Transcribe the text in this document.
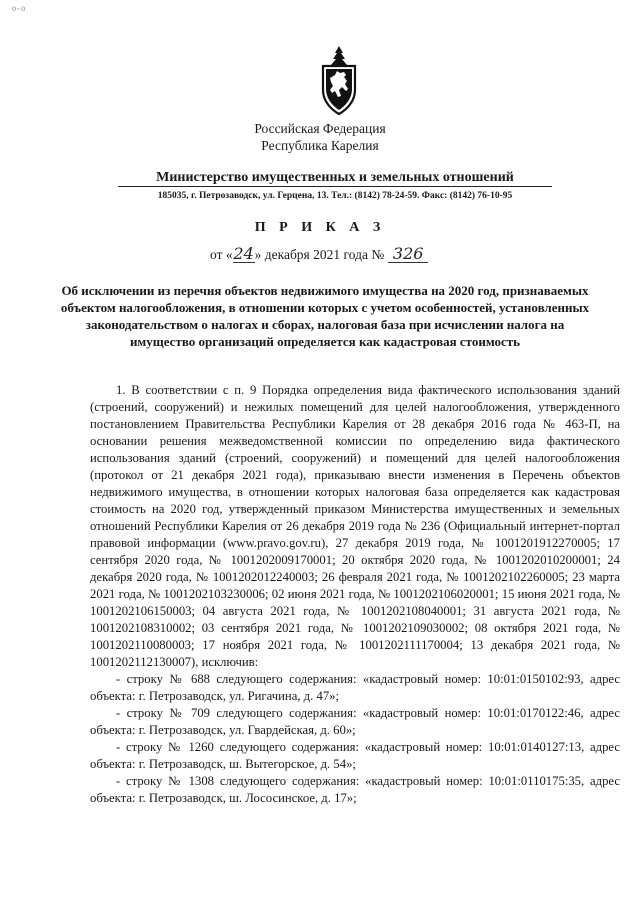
⁰⁻⁰
Российская Федерация
Республика Карелия
Министерство имущественных и земельных отношений
185035, г. Петрозаводск, ул. Герцена, 13. Тел.: (8142) 78-24-59. Факс: (8142) 76-10-95
П Р И К А З
от «24» декабря 2021 года № 326
Об исключении из перечня объектов недвижимого имущества на 2020 год, признаваемых объектом налогообложения, в отношении которых с учетом особенностей, установленных законодательством о налогах и сборах, налоговая база при исчислении налога на имущество организаций определяется как кадастровая стоимость

1. В соответствии с п. 9 Порядка определения вида фактического использования зданий (строений, сооружений) и нежилых помещений для целей налогообложения, утвержденного постановлением Правительства Республики Карелия от 28 декабря 2016 года № 463-П, на основании решения межведомственной комиссии по определению вида фактического использования зданий (строений, сооружений) и помещений для целей налогообложения (протокол от 21 декабря 2021 года), приказываю внести изменения в Перечень объектов недвижимого имущества, в отношении которых налоговая база определяется как кадастровая стоимость на 2020 год, утвержденный приказом Министерства имущественных и земельных отношений Республики Карелия от 26 декабря 2019 года № 236 (Официальный интернет-портал правовой информации (www.pravo.gov.ru), 27 декабря 2019 года, № 1001201912270005; 17 сентября 2020 года, № 1001202009170001; 20 октября 2020 года, № 1001202010200001; 24 декабря 2020 года, № 1001202012240003; 26 февраля 2021 года, № 1001202102260005; 23 марта 2021 года, № 1001202103230006; 02 июня 2021 года, № 1001202106020001; 15 июня 2021 года, № 1001202106150003; 04 августа 2021 года, № 1001202108040001; 31 августа 2021 года, № 1001202108310002; 03 сентября 2021 года, № 1001202109030002; 08 октября 2021 года, № 1001202110080003; 17 ноября 2021 года, № 1001202111170004; 13 декабря 2021 года, № 1001202112130007), исключив:

- строку № 688 следующего содержания: «кадастровый номер: 10:01:0150102:93, адрес объекта: г. Петрозаводск, ул. Ригачина, д. 47»;

- строку № 709 следующего содержания: «кадастровый номер: 10:01:0170122:46, адрес объекта: г. Петрозаводск, ул. Гвардейская, д. 60»;

- строку № 1260 следующего содержания: «кадастровый номер: 10:01:0140127:13, адрес объекта: г. Петрозаводск, ш. Вытегорское, д. 54»;

- строку № 1308 следующего содержания: «кадастровый номер: 10:01:0110175:35, адрес объекта: г. Петрозаводск, ш. Лососинское, д. 17»;
